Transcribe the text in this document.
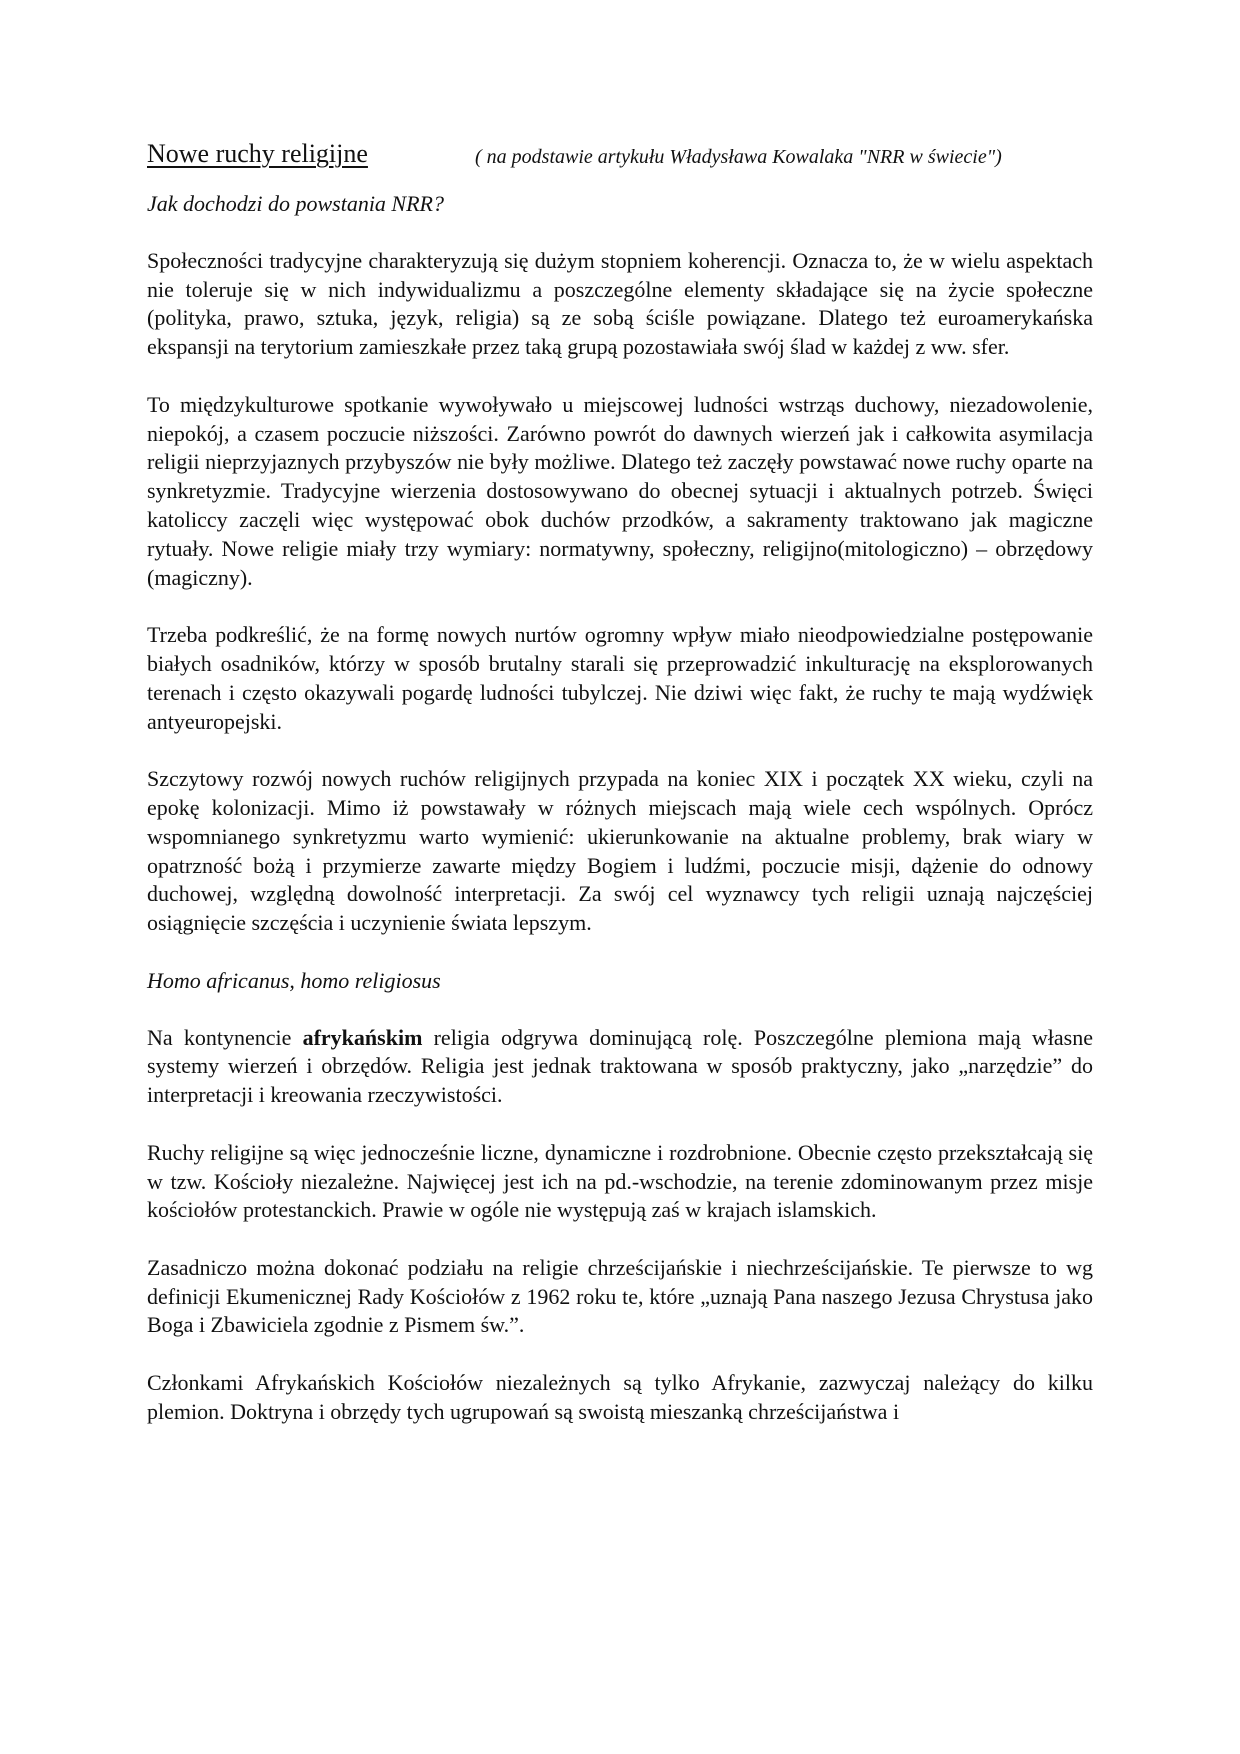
Nowe ruchy religijne	( na podstawie artykułu Władysława Kowalaka "NRR w świecie")
Jak dochodzi do powstania NRR?

Społeczności tradycyjne charakteryzują się dużym stopniem koherencji. Oznacza to, że w wielu aspektach nie toleruje się w nich indywidualizmu a poszczególne elementy składające się na życie społeczne (polityka, prawo, sztuka, język, religia) są ze sobą ściśle powiązane. Dlatego też euroamerykańska ekspansji na terytorium zamieszkałe przez taką grupą pozostawiała swój ślad w każdej z ww. sfer.

To międzykulturowe spotkanie wywoływało u miejscowej ludności wstrząs duchowy, niezadowolenie, niepokój, a czasem poczucie niższości. Zarówno powrót do dawnych wierzeń jak i całkowita asymilacja religii nieprzyjaznych przybyszów nie były możliwe. Dlatego też zaczęły powstawać nowe ruchy oparte na synkretyzmie. Tradycyjne wierzenia dostosowywano do obecnej sytuacji i aktualnych potrzeb. Święci katoliccy zaczęli więc występować obok duchów przodków, a sakramenty traktowano jak magiczne rytuały. Nowe religie miały trzy wymiary: normatywny, społeczny, religijno(mitologiczno) – obrzędowy (magiczny).

Trzeba podkreślić, że na formę nowych nurtów ogromny wpływ miało nieodpowiedzialne postępowanie białych osadników, którzy w sposób brutalny starali się przeprowadzić inkulturację na eksplorowanych terenach i często okazywali pogardę ludności tubylczej. Nie dziwi więc fakt, że ruchy te mają wydźwięk antyeuropejski.

Szczytowy rozwój nowych ruchów religijnych przypada na koniec XIX i początek XX wieku, czyli na epokę kolonizacji. Mimo iż powstawały w różnych miejscach mają wiele cech wspólnych. Oprócz wspomnianego synkretyzmu warto wymienić: ukierunkowanie na aktualne problemy, brak wiary w opatrzność bożą i przymierze zawarte między Bogiem i ludźmi, poczucie misji, dążenie do odnowy duchowej, względną dowolność interpretacji. Za swój cel wyznawcy tych religii uznają najczęściej osiągnięcie szczęścia i uczynienie świata lepszym.

Homo africanus, homo religiosus

Na kontynencie afrykańskim religia odgrywa dominującą rolę. Poszczególne plemiona mają własne systemy wierzeń i obrzędów. Religia jest jednak traktowana w sposób praktyczny, jako „narzędzie” do interpretacji i kreowania rzeczywistości.

Ruchy religijne są więc jednocześnie liczne, dynamiczne i rozdrobnione. Obecnie często przekształcają się w tzw. Kościoły niezależne. Najwięcej jest ich na pd.-wschodzie, na terenie zdominowanym przez misje kościołów protestanckich. Prawie w ogóle nie występują zaś w krajach islamskich.

Zasadniczo można dokonać podziału na religie chrześcijańskie i niechrześcijańskie. Te pierwsze to wg definicji Ekumenicznej Rady Kościołów z 1962 roku te, które „uznają Pana naszego Jezusa Chrystusa jako Boga i Zbawiciela zgodnie z Pismem św.”.

Członkami Afrykańskich Kościołów niezależnych są tylko Afrykanie, zazwyczaj należący do kilku plemion. Doktryna i obrzędy tych ugrupowań są swoistą mieszanką chrześcijaństwa i
